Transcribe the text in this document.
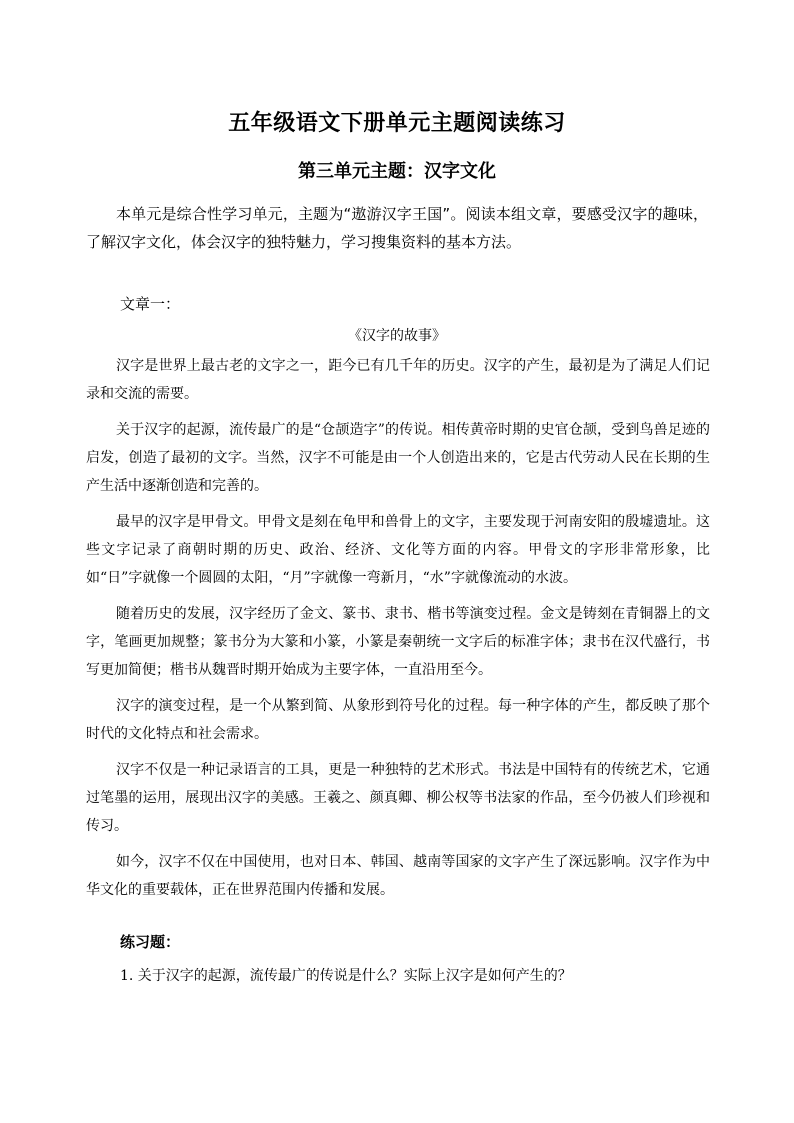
五年级语文下册单元主题阅读练习
第三单元主题：汉字文化

本单元是综合性学习单元，主题为“遨游汉字王国”。阅读本组文章，要感受汉字的趣味，了解汉字文化，体会汉字的独特魅力，学习搜集资料的基本方法。

文章一：
《汉字的故事》

汉字是世界上最古老的文字之一，距今已有几千年的历史。汉字的产生，最初是为了满足人们记录和交流的需要。

关于汉字的起源，流传最广的是“仓颉造字”的传说。相传黄帝时期的史官仓颉，受到鸟兽足迹的启发，创造了最初的文字。当然，汉字不可能是由一个人创造出来的，它是古代劳动人民在长期的生产生活中逐渐创造和完善的。

最早的汉字是甲骨文。甲骨文是刻在龟甲和兽骨上的文字，主要发现于河南安阳的殷墟遗址。这些文字记录了商朝时期的历史、政治、经济、文化等方面的内容。甲骨文的字形非常形象，比如“日”字就像一个圆圆的太阳，“月”字就像一弯新月，“水”字就像流动的水波。

随着历史的发展，汉字经历了金文、篆书、隶书、楷书等演变过程。金文是铸刻在青铜器上的文字，笔画更加规整；篆书分为大篆和小篆，小篆是秦朝统一文字后的标准字体；隶书在汉代盛行，书写更加简便；楷书从魏晋时期开始成为主要字体，一直沿用至今。

汉字的演变过程，是一个从繁到简、从象形到符号化的过程。每一种字体的产生，都反映了那个时代的文化特点和社会需求。

汉字不仅是一种记录语言的工具，更是一种独特的艺术形式。书法是中国特有的传统艺术，它通过笔墨的运用，展现出汉字的美感。王羲之、颜真卿、柳公权等书法家的作品，至今仍被人们珍视和传习。

如今，汉字不仅在中国使用，也对日本、韩国、越南等国家的文字产生了深远影响。汉字作为中华文化的重要载体，正在世界范围内传播和发展。

练习题：
1. 关于汉字的起源，流传最广的传说是什么？实际上汉字是如何产生的？
